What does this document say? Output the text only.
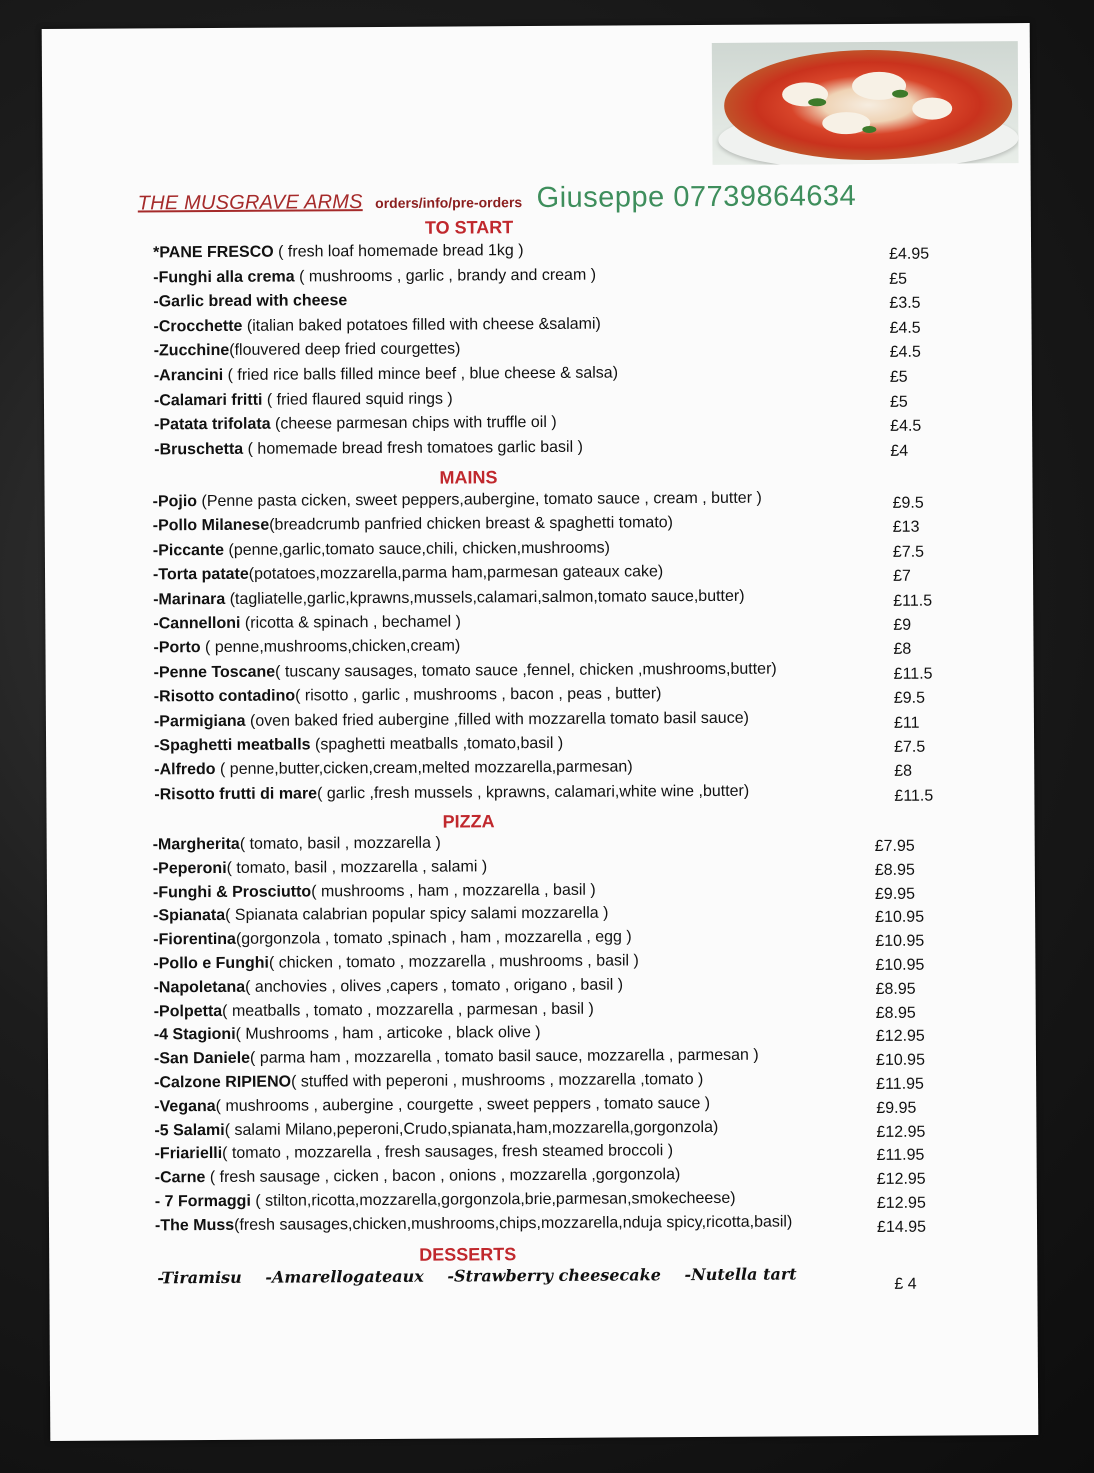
THE MUSGRAVE ARMS orders/info/pre-orders Giuseppe 07739864634
TO START
MAINS
PIZZA
DESSERTS
*PANE FRESCO ( fresh loaf homemade bread 1kg )	£4.95
-Funghi alla crema ( mushrooms , garlic , brandy and cream )	£5
-Garlic bread with cheese	£3.5
-Crocchette (italian baked potatoes filled with cheese &salami)	£4.5
-Zucchine(flouvered deep fried courgettes)	£4.5
-Arancini ( fried rice balls filled mince beef , blue cheese & salsa)	£5
-Calamari fritti ( fried flaured squid rings )	£5
-Patata trifolata (cheese parmesan chips with truffle oil )	£4.5
-Bruschetta ( homemade bread fresh tomatoes garlic basil )	£4
-Pojio (Penne pasta cicken, sweet peppers,aubergine, tomato sauce , cream , butter )	£9.5
-Pollo Milanese(breadcrumb panfried chicken breast & spaghetti tomato)	£13
-Piccante (penne,garlic,tomato sauce,chili, chicken,mushrooms)	£7.5
-Torta patate(potatoes,mozzarella,parma ham,parmesan gateaux cake)	£7
-Marinara (tagliatelle,garlic,kprawns,mussels,calamari,salmon,tomato sauce,butter)	£11.5
-Cannelloni (ricotta & spinach , bechamel )	£9
-Porto ( penne,mushrooms,chicken,cream)	£8
-Penne Toscane( tuscany sausages, tomato sauce ,fennel, chicken ,mushrooms,butter)	£11.5
-Risotto contadino( risotto , garlic , mushrooms , bacon , peas , butter)	£9.5
-Parmigiana (oven baked fried aubergine ,filled with mozzarella tomato basil sauce)	£11
-Spaghetti meatballs (spaghetti meatballs ,tomato,basil )	£7.5
-Alfredo ( penne,butter,cicken,cream,melted mozzarella,parmesan)	£8
-Risotto frutti di mare( garlic ,fresh mussels , kprawns, calamari,white wine ,butter)	£11.5
-Margherita( tomato, basil , mozzarella )	£7.95
-Peperoni( tomato, basil , mozzarella , salami )	£8.95
-Funghi & Prosciutto( mushrooms , ham , mozzarella , basil )	£9.95
-Spianata( Spianata calabrian popular spicy salami mozzarella )	£10.95
-Fiorentina(gorgonzola , tomato ,spinach , ham , mozzarella , egg )	£10.95
-Pollo e Funghi( chicken , tomato , mozzarella , mushrooms , basil )	£10.95
-Napoletana( anchovies , olives ,capers , tomato , origano , basil )	£8.95
-Polpetta( meatballs , tomato , mozzarella , parmesan , basil )	£8.95
-4 Stagioni( Mushrooms , ham , articoke , black olive )	£12.95
-San Daniele( parma ham , mozzarella , tomato basil sauce, mozzarella , parmesan )	£10.95
-Calzone RIPIENO( stuffed with peperoni , mushrooms , mozzarella ,tomato )	£11.95
-Vegana( mushrooms , aubergine , courgette , sweet peppers , tomato sauce )	£9.95
-5 Salami( salami Milano,peperoni,Crudo,spianata,ham,mozzarella,gorgonzola)	£12.95
-Friarielli( tomato , mozzarella , fresh sausages, fresh steamed broccoli )	£11.95
-Carne ( fresh sausage , cicken , bacon , onions , mozzarella ,gorgonzola)	£12.95
- 7 Formaggi ( stilton,ricotta,mozzarella,gorgonzola,brie,parmesan,smokecheese)	£12.95
-The Muss(fresh sausages,chicken,mushrooms,chips,mozzarella,nduja spicy,ricotta,basil)	£14.95
-Tiramisu -Amarellogateaux -Strawberry cheesecake -Nutella tart
£ 4
